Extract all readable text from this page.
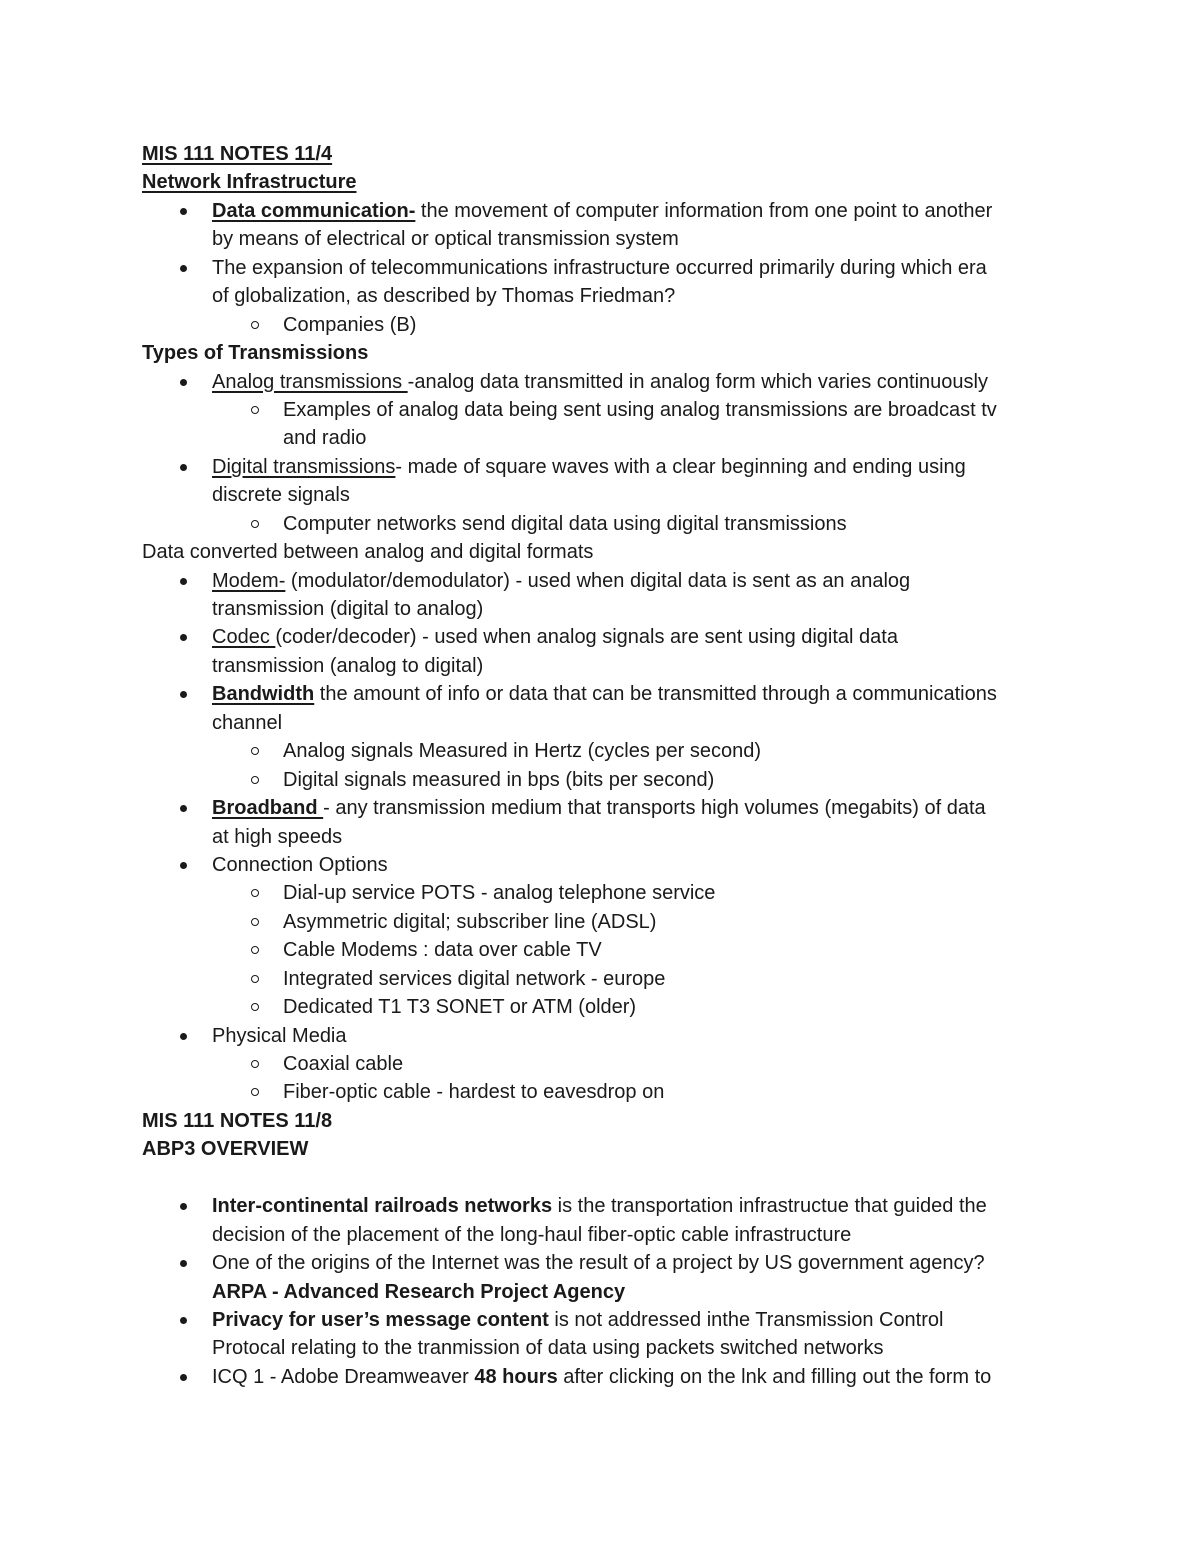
MIS 111 NOTES 11/4
Network Infrastructure
Data communication- the movement of computer information from one point to another
by means of electrical or optical transmission system
The expansion of telecommunications infrastructure occurred primarily during which era
of globalization, as described by Thomas Friedman?
Companies (B)
Types of Transmissions
Analog transmissions -analog data transmitted in analog form which varies continuously
Examples of analog data being sent using analog transmissions are broadcast tv
and radio
Digital transmissions- made of square waves with a clear beginning and ending using
discrete signals
Computer networks send digital data using digital transmissions
Data converted between analog and digital formats
Modem- (modulator/demodulator) - used when digital data is sent as an analog
transmission (digital to analog)
Codec (coder/decoder) - used when analog signals are sent using digital data
transmission (analog to digital)
Bandwidth the amount of info or data that can be transmitted through a communications
channel
Analog signals Measured in Hertz (cycles per second)
Digital signals measured in bps (bits per second)
Broadband - any transmission medium that transports high volumes (megabits) of data
at high speeds
Connection Options
Dial-up service POTS - analog telephone service
Asymmetric digital; subscriber line (ADSL)
Cable Modems : data over cable TV
Integrated services digital network - europe
Dedicated T1 T3 SONET or ATM (older)
Physical Media
Coaxial cable
Fiber-optic cable - hardest to eavesdrop on
MIS 111 NOTES 11/8
ABP3 OVERVIEW
Inter-continental railroads networks is the transportation infrastructue that guided the
decision of the placement of the long-haul fiber-optic cable infrastructure
One of the origins of the Internet was the result of a project by US government agency?
ARPA - Advanced Research Project Agency
Privacy for user’s message content is not addressed inthe Transmission Control
Protocal relating to the tranmission of data using packets switched networks
ICQ 1 - Adobe Dreamweaver 48 hours after clicking on the lnk and filling out the form to
